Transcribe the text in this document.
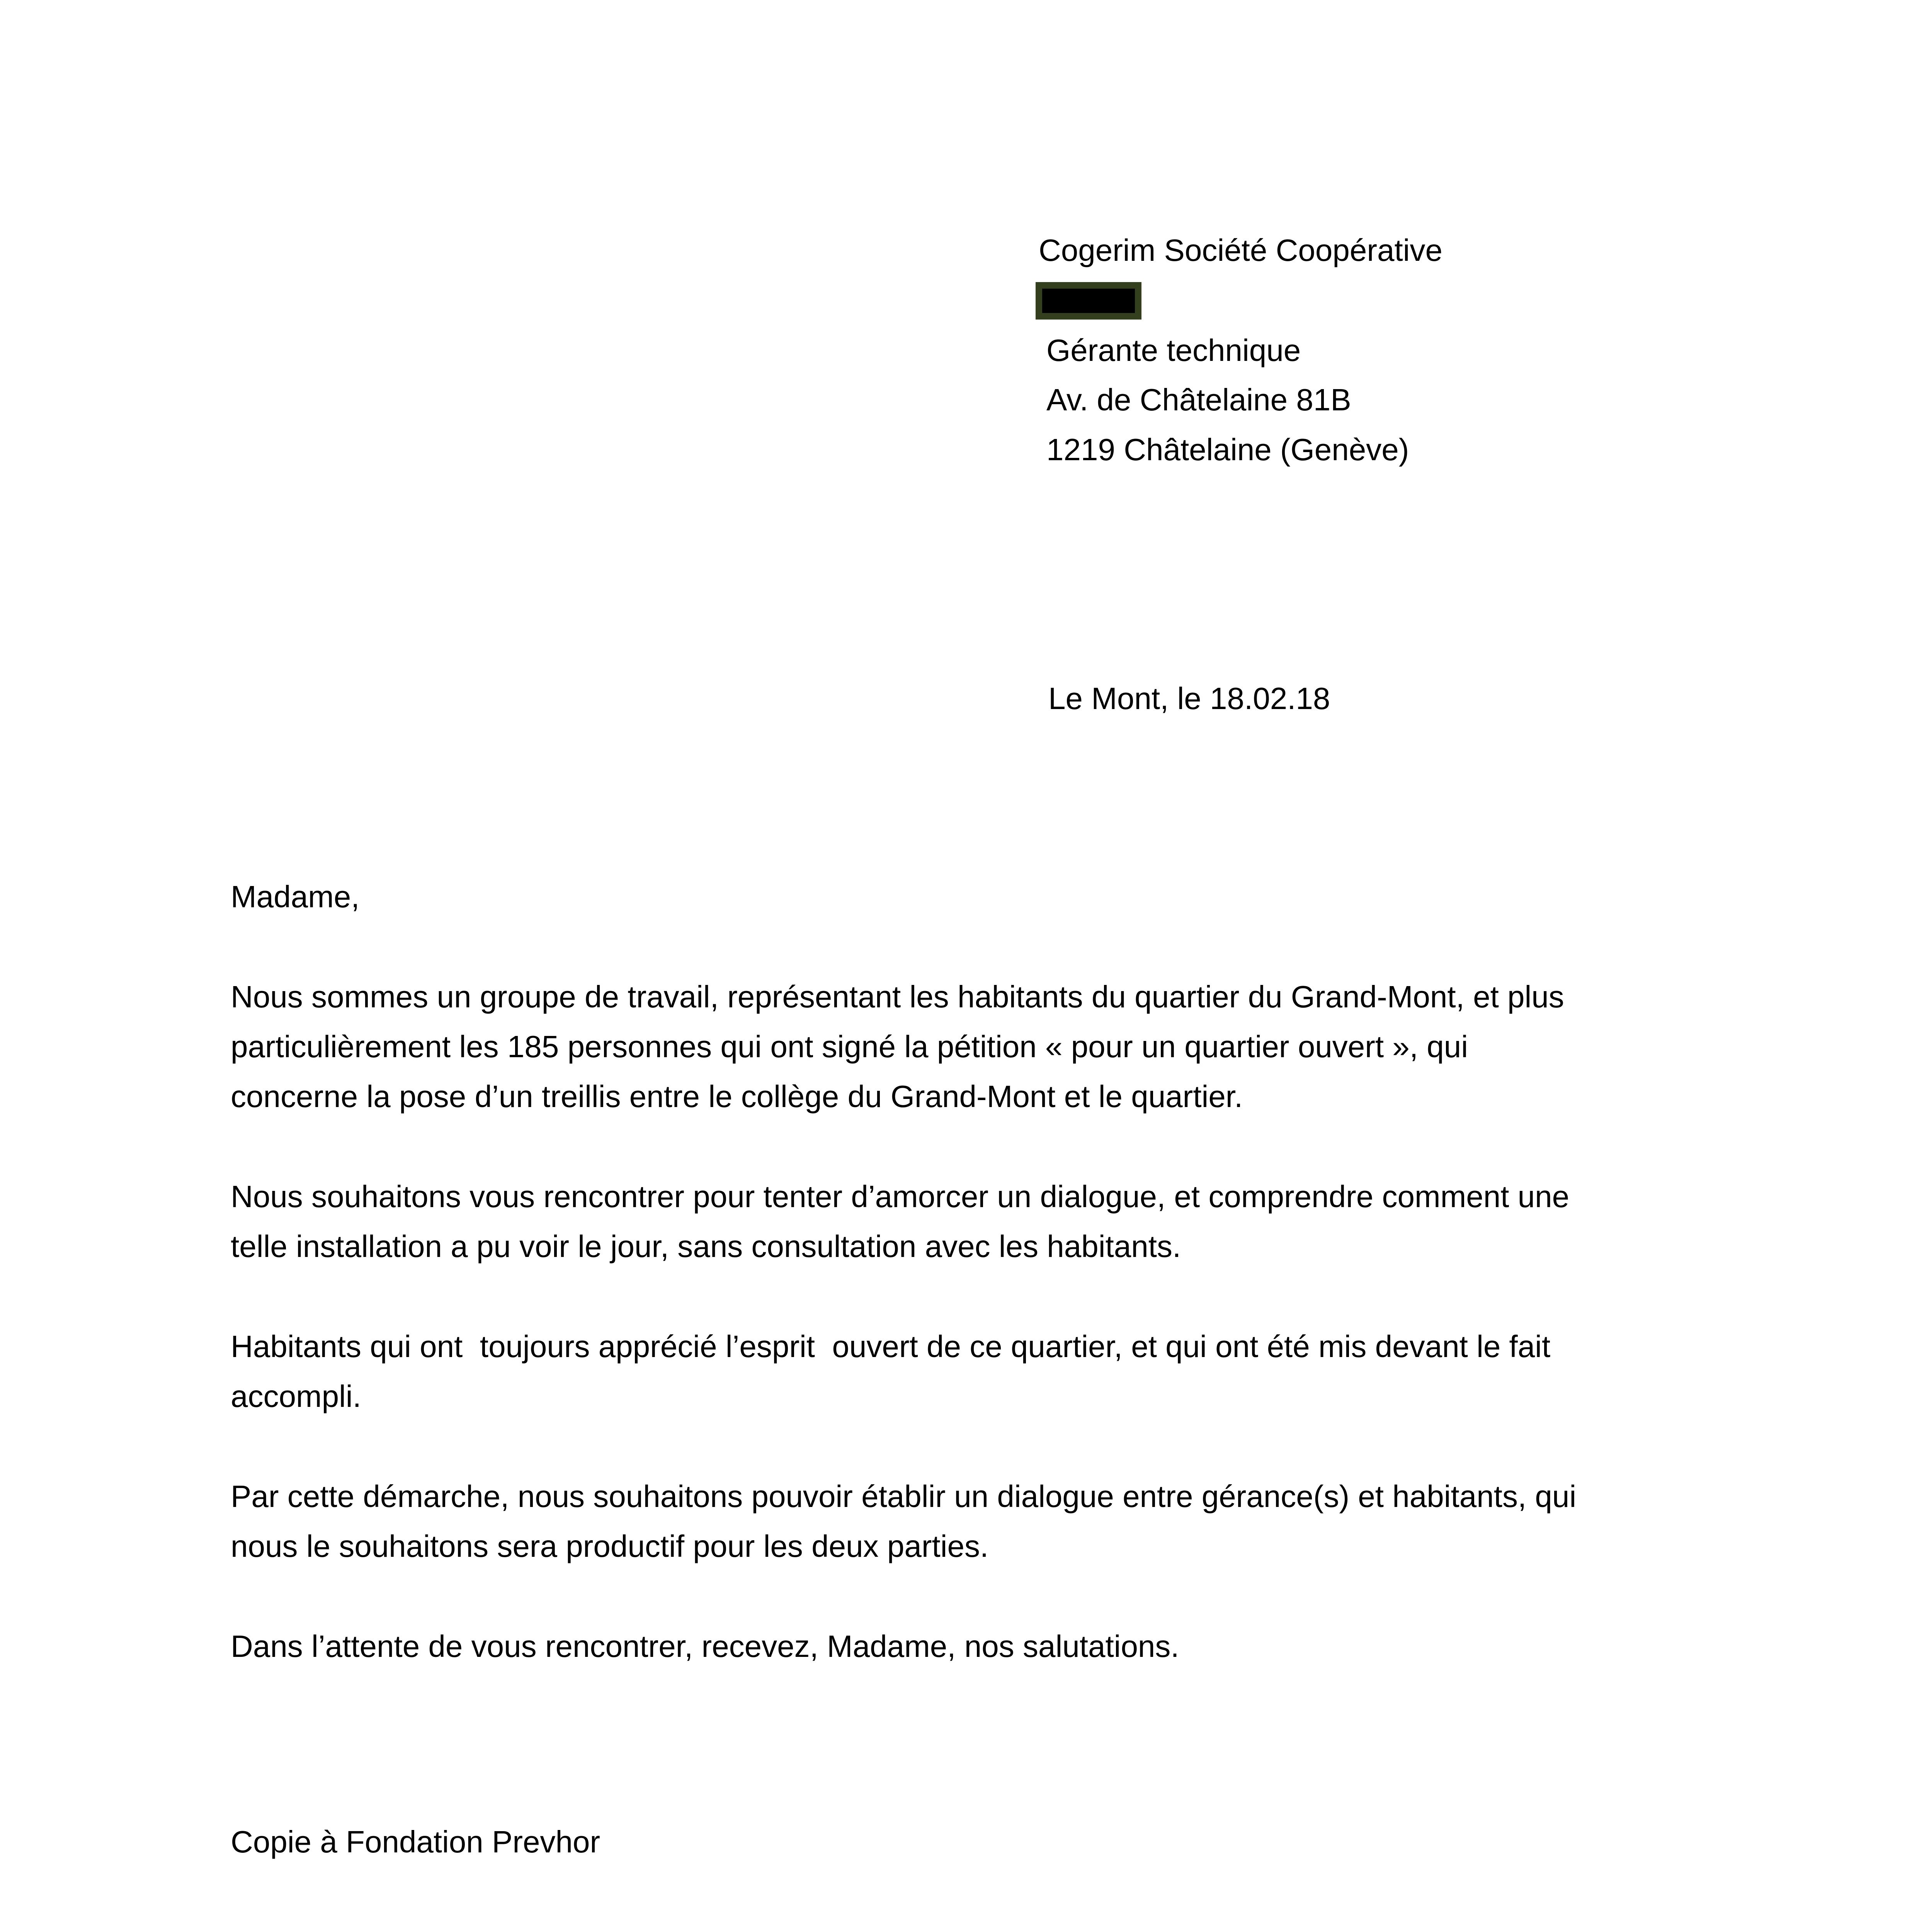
Cogerim Société Coopérative
Gérante technique
Av. de Châtelaine 81B
1219 Châtelaine (Genève)
Le Mont, le 18.02.18
Madame,
Nous sommes un groupe de travail, représentant les habitants du quartier du Grand-Mont, et plus
particulièrement les 185 personnes qui ont signé la pétition « pour un quartier ouvert », qui
concerne la pose d’un treillis entre le collège du Grand-Mont et le quartier.
Nous souhaitons vous rencontrer pour tenter d’amorcer un dialogue, et comprendre comment une
telle installation a pu voir le jour, sans consultation avec les habitants.
Habitants qui ont  toujours apprécié l’esprit  ouvert de ce quartier, et qui ont été mis devant le fait
accompli.
Par cette démarche, nous souhaitons pouvoir établir un dialogue entre gérance(s) et habitants, qui
nous le souhaitons sera productif pour les deux parties.
Dans l’attente de vous rencontrer, recevez, Madame, nos salutations.
Copie à Fondation Prevhor
